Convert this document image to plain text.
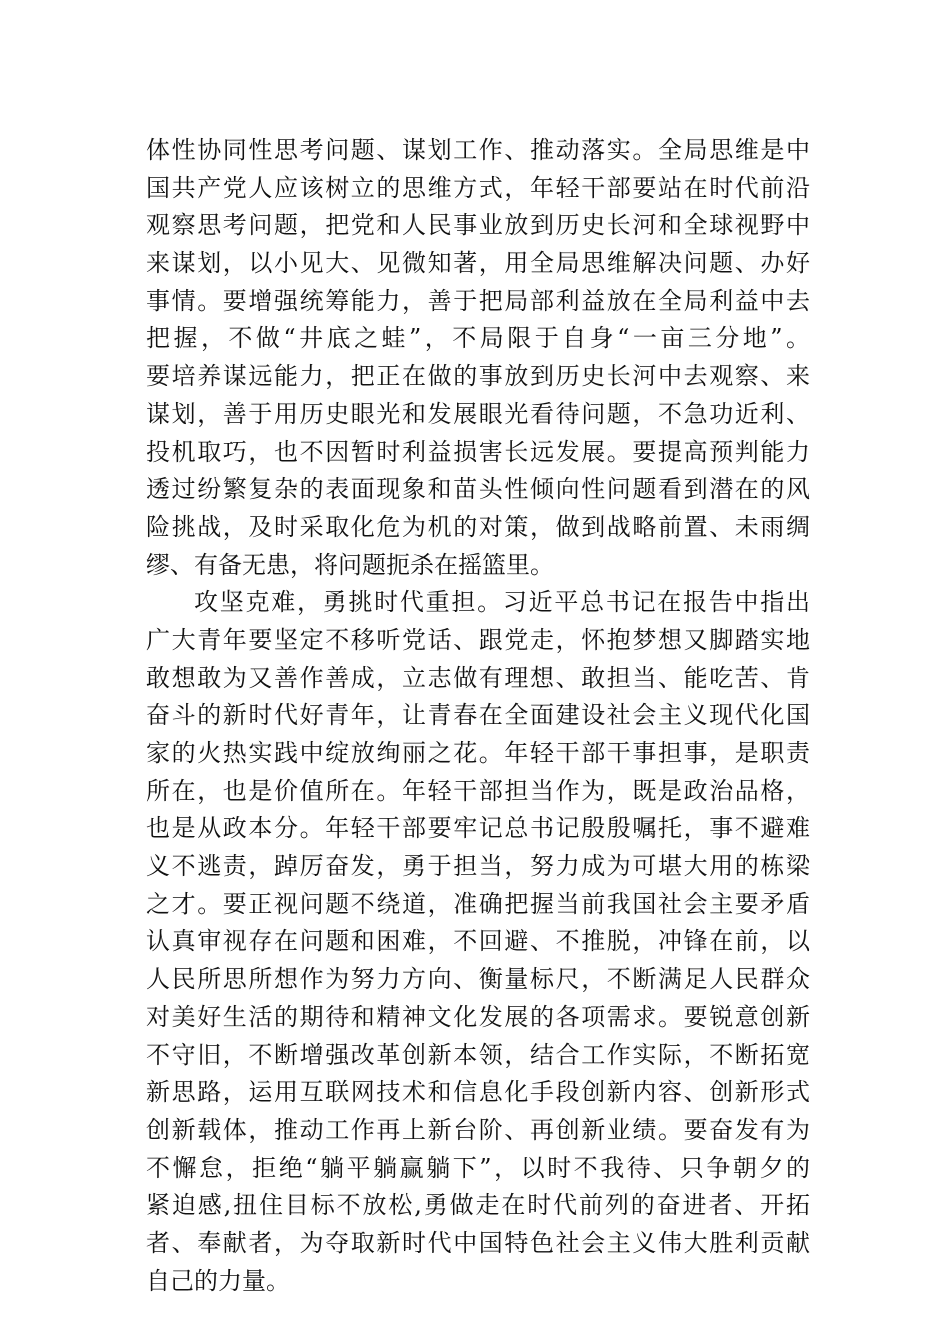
体性协同性思考问题、谋划工作、推动落实。全局思维是中
国共产党人应该树立的思维方式，年轻干部要站在时代前沿
观察思考问题，把党和人民事业放到历史长河和全球视野中
来谋划，以小见大、见微知著，用全局思维解决问题、办好
事情。要增强统筹能力，善于把局部利益放在全局利益中去
把握，不做“井底之蛙”，不局限于自身“一亩三分地”。
要培养谋远能力，把正在做的事放到历史长河中去观察、来
谋划，善于用历史眼光和发展眼光看待问题，不急功近利、
投机取巧，也不因暂时利益损害长远发展。要提高预判能力
透过纷繁复杂的表面现象和苗头性倾向性问题看到潜在的风
险挑战，及时采取化危为机的对策，做到战略前置、未雨绸
缪、有备无患，将问题扼杀在摇篮里。
攻坚克难，勇挑时代重担。习近平总书记在报告中指出
广大青年要坚定不移听党话、跟党走，怀抱梦想又脚踏实地
敢想敢为又善作善成，立志做有理想、敢担当、能吃苦、肯
奋斗的新时代好青年，让青春在全面建设社会主义现代化国
家的火热实践中绽放绚丽之花。年轻干部干事担事，是职责
所在，也是价值所在。年轻干部担当作为，既是政治品格，
也是从政本分。年轻干部要牢记总书记殷殷嘱托，事不避难
义不逃责，踔厉奋发，勇于担当，努力成为可堪大用的栋梁
之才。要正视问题不绕道，准确把握当前我国社会主要矛盾
认真审视存在问题和困难，不回避、不推脱，冲锋在前，以
人民所思所想作为努力方向、衡量标尺，不断满足人民群众
对美好生活的期待和精神文化发展的各项需求。要锐意创新
不守旧，不断增强改革创新本领，结合工作实际，不断拓宽
新思路，运用互联网技术和信息化手段创新内容、创新形式
创新载体，推动工作再上新台阶、再创新业绩。要奋发有为
不懈怠，拒绝“躺平躺赢躺下”，以时不我待、只争朝夕的
紧迫感,扭住目标不放松,勇做走在时代前列的奋进者、开拓
者、奉献者，为夺取新时代中国特色社会主义伟大胜利贡献
自己的力量。
